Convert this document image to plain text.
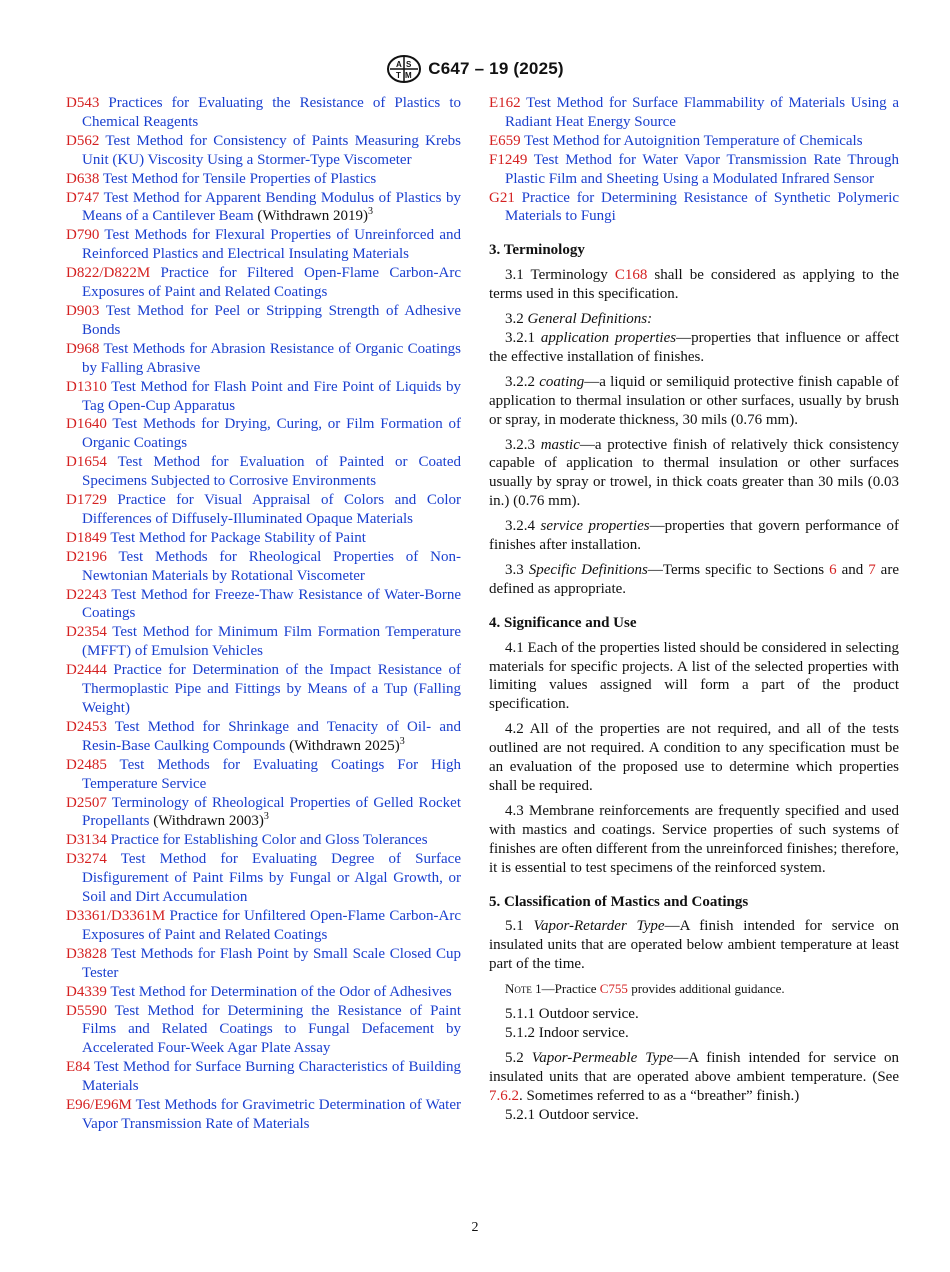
A S
T M C647 – 19 (2025)

D543 Practices for Evaluating the Resistance of Plastics to Chemical Reagents

D562 Test Method for Consistency of Paints Measuring Krebs Unit (KU) Viscosity Using a Stormer-Type Viscometer

D638 Test Method for Tensile Properties of Plastics

D747 Test Method for Apparent Bending Modulus of Plastics by Means of a Cantilever Beam (Withdrawn 2019)$^3$

D790 Test Methods for Flexural Properties of Unreinforced and Reinforced Plastics and Electrical Insulating Materials

D822/D822M Practice for Filtered Open-Flame Carbon-Arc Exposures of Paint and Related Coatings

D903 Test Method for Peel or Stripping Strength of Adhesive Bonds

D968 Test Methods for Abrasion Resistance of Organic Coatings by Falling Abrasive

D1310 Test Method for Flash Point and Fire Point of Liquids by Tag Open-Cup Apparatus

D1640 Test Methods for Drying, Curing, or Film Formation of Organic Coatings

D1654 Test Method for Evaluation of Painted or Coated Specimens Subjected to Corrosive Environments

D1729 Practice for Visual Appraisal of Colors and Color Differences of Diffusely-Illuminated Opaque Materials

D1849 Test Method for Package Stability of Paint

D2196 Test Methods for Rheological Properties of Non-Newtonian Materials by Rotational Viscometer

D2243 Test Method for Freeze-Thaw Resistance of Water-Borne Coatings

D2354 Test Method for Minimum Film Formation Temperature (MFFT) of Emulsion Vehicles

D2444 Practice for Determination of the Impact Resistance of Thermoplastic Pipe and Fittings by Means of a Tup (Falling Weight)

D2453 Test Method for Shrinkage and Tenacity of Oil- and Resin-Base Caulking Compounds (Withdrawn 2025)$^3$

D2485 Test Methods for Evaluating Coatings For High Temperature Service

D2507 Terminology of Rheological Properties of Gelled Rocket Propellants (Withdrawn 2003)$^3$

D3134 Practice for Establishing Color and Gloss Tolerances

D3274 Test Method for Evaluating Degree of Surface Disfigurement of Paint Films by Fungal or Algal Growth, or Soil and Dirt Accumulation

D3361/D3361M Practice for Unfiltered Open-Flame Carbon-Arc Exposures of Paint and Related Coatings

D3828 Test Methods for Flash Point by Small Scale Closed Cup Tester

D4339 Test Method for Determination of the Odor of Adhesives

D5590 Test Method for Determining the Resistance of Paint Films and Related Coatings to Fungal Defacement by Accelerated Four-Week Agar Plate Assay

E84 Test Method for Surface Burning Characteristics of Building Materials

E96/E96M Test Methods for Gravimetric Determination of Water Vapor Transmission Rate of Materials

E162 Test Method for Surface Flammability of Materials Using a Radiant Heat Energy Source

E659 Test Method for Autoignition Temperature of Chemicals

F1249 Test Method for Water Vapor Transmission Rate Through Plastic Film and Sheeting Using a Modulated Infrared Sensor

G21 Practice for Determining Resistance of Synthetic Polymeric Materials to Fungi

3. Terminology

3.1 Terminology C168 shall be considered as applying to the terms used in this specification.

3.2 General Definitions:

3.2.1 application properties—properties that influence or affect the effective installation of finishes.

3.2.2 coating—a liquid or semiliquid protective finish capable of application to thermal insulation or other surfaces, usually by brush or spray, in moderate thickness, 30 mils (0.76 mm).

3.2.3 mastic—a protective finish of relatively thick consistency capable of application to thermal insulation or other surfaces usually by spray or trowel, in thick coats greater than 30 mils (0.03 in.) (0.76 mm).

3.2.4 service properties—properties that govern performance of finishes after installation.

3.3 Specific Definitions—Terms specific to Sections 6 and 7 are defined as appropriate.

4. Significance and Use

4.1 Each of the properties listed should be considered in selecting materials for specific projects. A list of the selected properties with limiting values assigned will form a part of the product specification.

4.2 All of the properties are not required, and all of the tests outlined are not required. A condition to any specification must be an evaluation of the proposed use to determine which properties shall be required.

4.3 Membrane reinforcements are frequently specified and used with mastics and coatings. Service properties of such systems of finishes are often different from the unreinforced finishes; therefore, it is essential to test specimens of the reinforced system.

5. Classification of Mastics and Coatings

5.1 Vapor-Retarder Type—A finish intended for service on insulated units that are operated below ambient temperature at least part of the time.

Note 1—Practice C755 provides additional guidance.

5.1.1 Outdoor service.

5.1.2 Indoor service.

5.2 Vapor-Permeable Type—A finish intended for service on insulated units that are operated above ambient temperature. (See 7.6.2. Sometimes referred to as a “breather” finish.)

5.2.1 Outdoor service.

2
